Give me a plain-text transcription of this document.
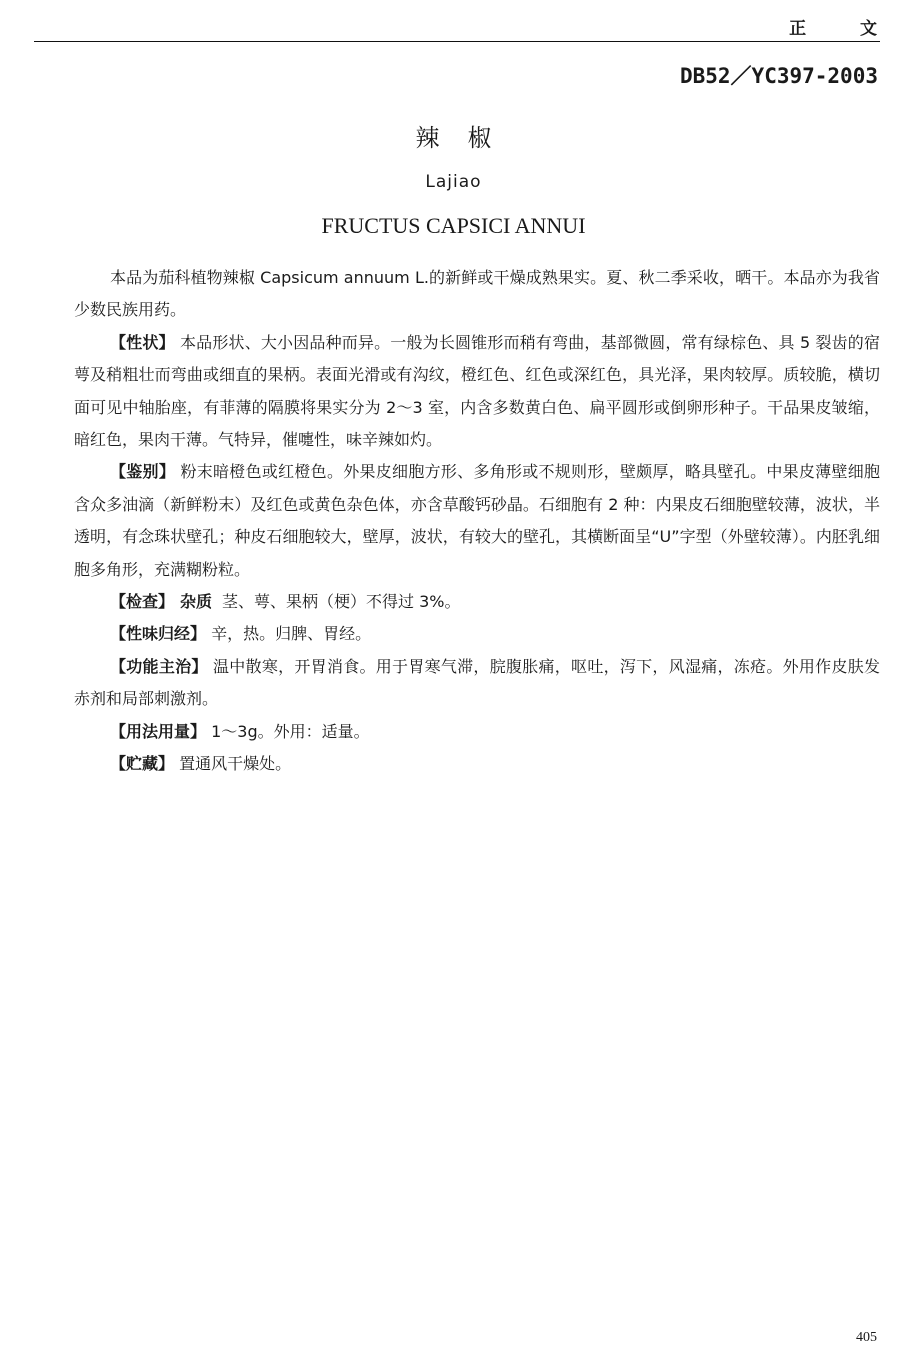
正 文
DB52／YC397-2003
辣椒
Lajiao
FRUCTUS CAPSICI ANNUI

本品为茄科植物辣椒 Capsicum annuum L.的新鲜或干燥成熟果实。夏、秋二季采收，晒干。本品亦为我省少数民族用药。

【性状】 本品形状、大小因品种而异。一般为长圆锥形而稍有弯曲，基部微圆，常有绿棕色、具 5 裂齿的宿萼及稍粗壮而弯曲或细直的果柄。表面光滑或有沟纹，橙红色、红色或深红色，具光泽，果肉较厚。质较脆，横切面可见中轴胎座，有菲薄的隔膜将果实分为 2～3 室，内含多数黄白色、扁平圆形或倒卵形种子。干品果皮皱缩，暗红色，果肉干薄。气特异，催嚏性，味辛辣如灼。

【鉴别】 粉末暗橙色或红橙色。外果皮细胞方形、多角形或不规则形，壁颇厚，略具壁孔。中果皮薄壁细胞含众多油滴（新鲜粉末）及红色或黄色杂色体，亦含草酸钙砂晶。石细胞有 2 种：内果皮石细胞壁较薄，波状，半透明，有念珠状壁孔；种皮石细胞较大，壁厚，波状，有较大的壁孔，其横断面呈“U”字型（外壁较薄）。内胚乳细胞多角形，充满糊粉粒。

【检查】 杂质 茎、萼、果柄（梗）不得过 3%。

【性味归经】 辛，热。归脾、胃经。

【功能主治】 温中散寒，开胃消食。用于胃寒气滞，脘腹胀痛，呕吐，泻下，风湿痛，冻疮。外用作皮肤发赤剂和局部刺激剂。

【用法用量】 1～3g。外用：适量。

【贮藏】 置通风干燥处。

405
